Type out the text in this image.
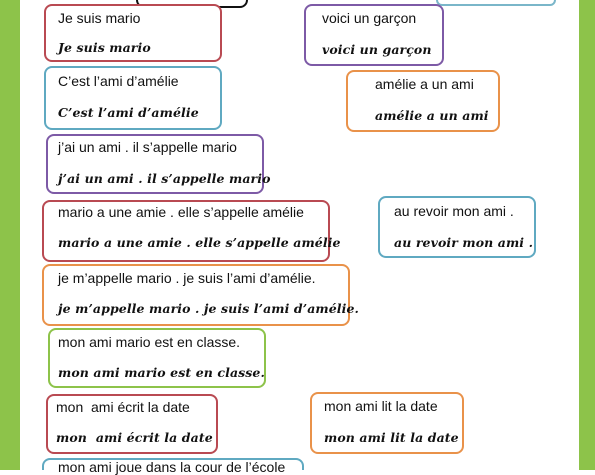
Je suis mario
Je suis mario
voici un garçon
voici un garçon
C’est l’ami d’amélie
C’est l’ami d’amélie
amélie a un ami
amélie a un ami
j’ai un ami . il s’appelle mario
j’ai un ami . il s’appelle mario
mario a une amie . elle s’appelle amélie
mario a une amie . elle s’appelle amélie
au revoir mon ami .
au revoir mon ami .
je m’appelle mario . je suis l’ami d’amélie.
je m’appelle mario . je suis l’ami d’amélie.
mon ami mario est en classe.
mon ami mario est en classe.
mon  ami écrit la date
mon  ami écrit la date
mon ami lit la date
mon ami lit la date
mon ami joue dans la cour de l’école
